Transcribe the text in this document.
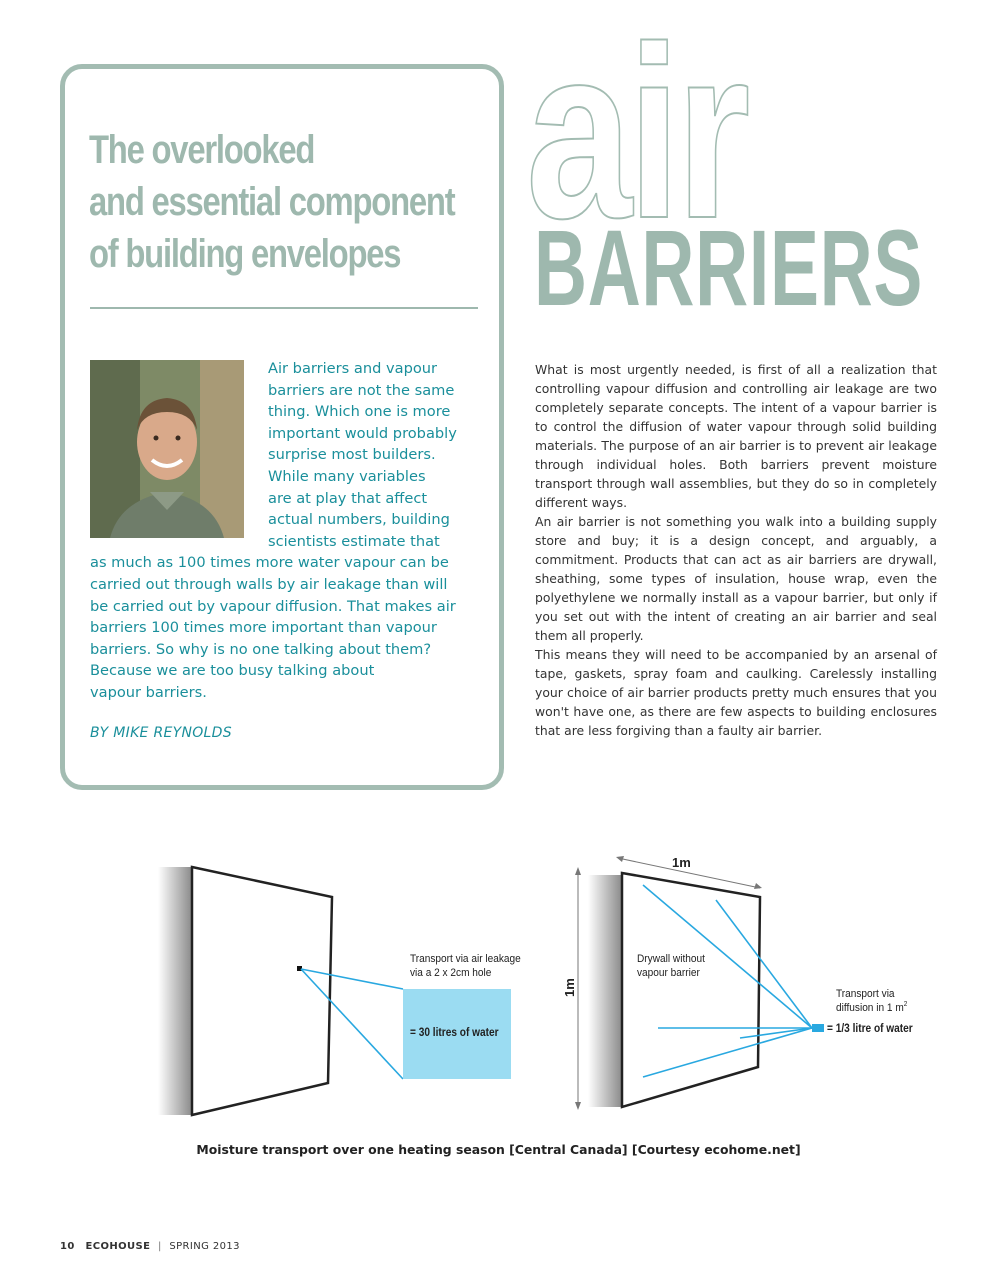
The overlooked
and essential component
of building envelopes
Air barriers and vapour
barriers are not the same
thing. Which one is more
important would probably
surprise most builders.
While many variables
are at play that affect
actual numbers, building
scientists estimate that
as much as 100 times more water vapour can be
carried out through walls by air leakage than will
be carried out by vapour diffusion. That makes air
barriers 100 times more important than vapour
barriers. So why is no one talking about them?
Because we are too busy talking about
vapour barriers.
BY MIKE REYNOLDS
air
BARRIERS

What is most urgently needed, is first of all a realization that controlling vapour diffusion and controlling air leakage are two completely separate concepts. The intent of a vapour barrier is to control the diffusion of water vapour through solid building materials. The purpose of an air barrier is to prevent air leakage through individual holes. Both barriers prevent moisture transport through wall assemblies, but they do so in completely different ways.

An air barrier is not something you walk into a building supply store and buy; it is a design concept, and arguably, a commitment. Products that can act as air barriers are drywall, sheathing, some types of insulation, house wrap, even the polyethylene we normally install as a vapour barrier, but only if you set out with the intent of creating an air barrier and seal them all properly.

This means they will need to be accompanied by an arsenal of tape, gaskets, spray foam and caulking. Carelessly installing your choice of air barrier products pretty much ensures that you won't have one, as there are few aspects to building enclosures that are less forgiving than a faulty air barrier.

Transport via air leakage
via a 2 x 2cm hole
= 30 litres of water
1m
1m
Drywall without
vapour barrier
Transport via
diffusion in 1 $m^2$
= 1/3 litre of water
Moisture transport over one heating season [Central Canada] [Courtesy ecohome.net]
10 ECOHOUSE | SPRING 2013
